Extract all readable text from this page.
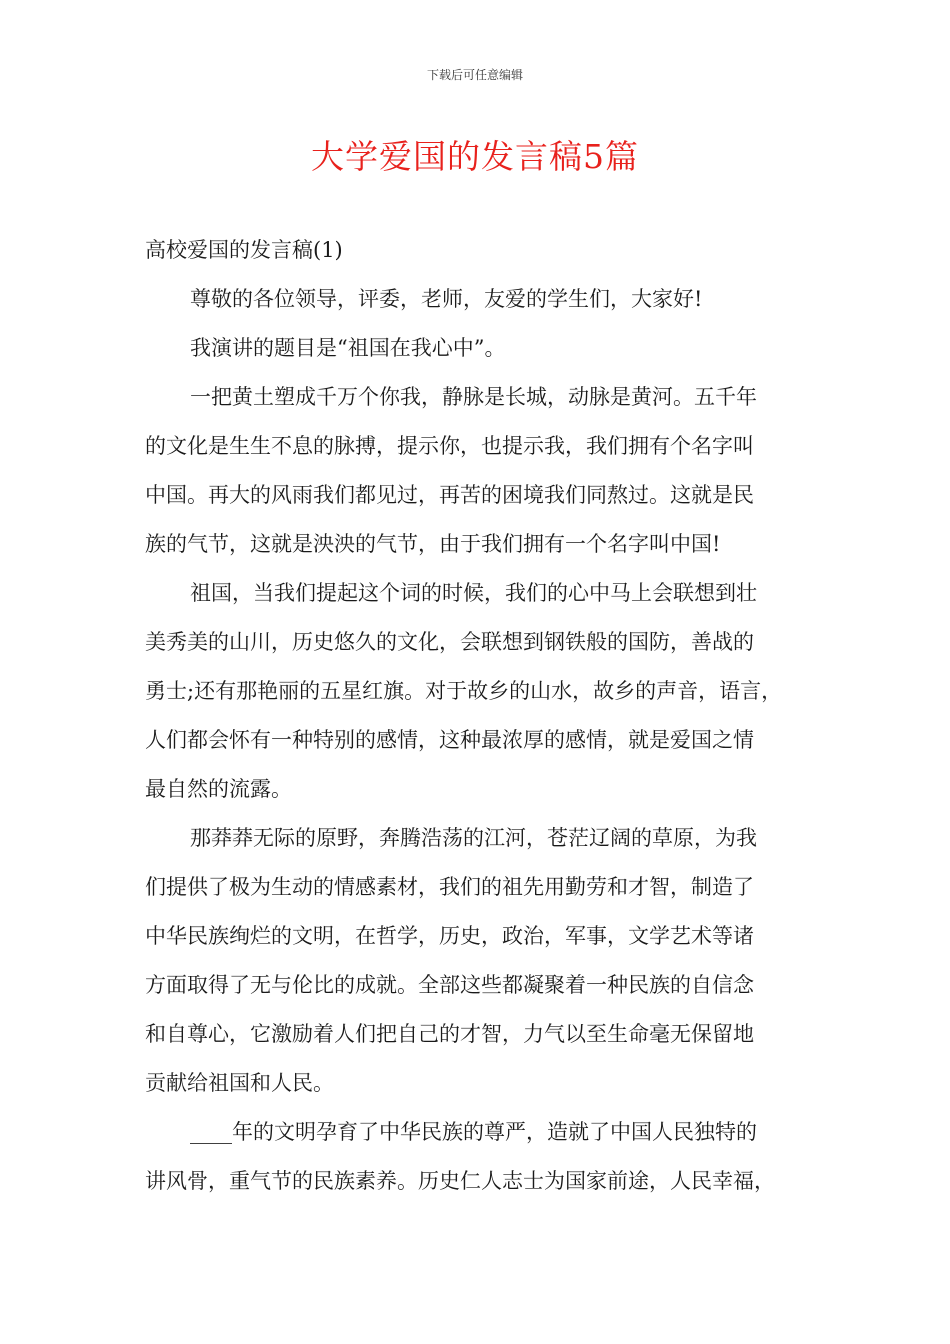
下载后可任意编辑
大学爱国的发言稿5篇
高校爱国的发言稿(1)
尊敬的各位领导，评委，老师，友爱的学生们，大家好!
我演讲的题目是“祖国在我心中”。
一把黄土塑成千万个你我，静脉是长城，动脉是黄河。五千年
的文化是生生不息的脉搏，提示你，也提示我，我们拥有个名字叫
中国。再大的风雨我们都见过，再苦的困境我们同熬过。这就是民
族的气节，这就是泱泱的气节，由于我们拥有一个名字叫中国!
祖国，当我们提起这个词的时候，我们的心中马上会联想到壮
美秀美的山川，历史悠久的文化，会联想到钢铁般的国防，善战的
勇士;还有那艳丽的五星红旗。对于故乡的山水，故乡的声音，语言，
人们都会怀有一种特别的感情，这种最浓厚的感情，就是爱国之情
最自然的流露。
那莽莽无际的原野，奔腾浩荡的江河，苍茫辽阔的草原，为我
们提供了极为生动的情感素材，我们的祖先用勤劳和才智，制造了
中华民族绚烂的文明，在哲学，历史，政治，军事，文学艺术等诸
方面取得了无与伦比的成就。全部这些都凝聚着一种民族的自信念
和自尊心，它激励着人们把自己的才智，力气以至生命毫无保留地
贡献给祖国和人民。
____年的文明孕育了中华民族的尊严，造就了中国人民独特的
讲风骨，重气节的民族素养。历史仁人志士为国家前途，人民幸福，
